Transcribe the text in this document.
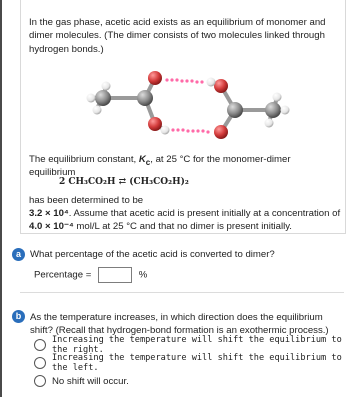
In the gas phase, acetic acid exists as an equilibrium of monomer and dimer molecules. (The dimer consists of two molecules linked through hydrogen bonds.)

The equilibrium constant, $K_c$, at 25 °C for the monomer-dimer equilibrium

2 CH₃CO₂H ⇄ (CH₃CO₂H)₂

has been determined to be
3.2 × 10⁴. Assume that acetic acid is present initially at a concentration of
4.0 × 10⁻⁴ mol/L at 25 °C and that no dimer is present initially.

a What percentage of the acetic acid is converted to dimer?

Percentage =	%
b As the temperature increases, in which direction does the equilibrium shift? (Recall that hydrogen-bond formation is an exothermic process.)

Increasing the temperature will shift the equilibrium to the right.
Increasing the temperature will shift the equilibrium to the left.
No shift will occur.
